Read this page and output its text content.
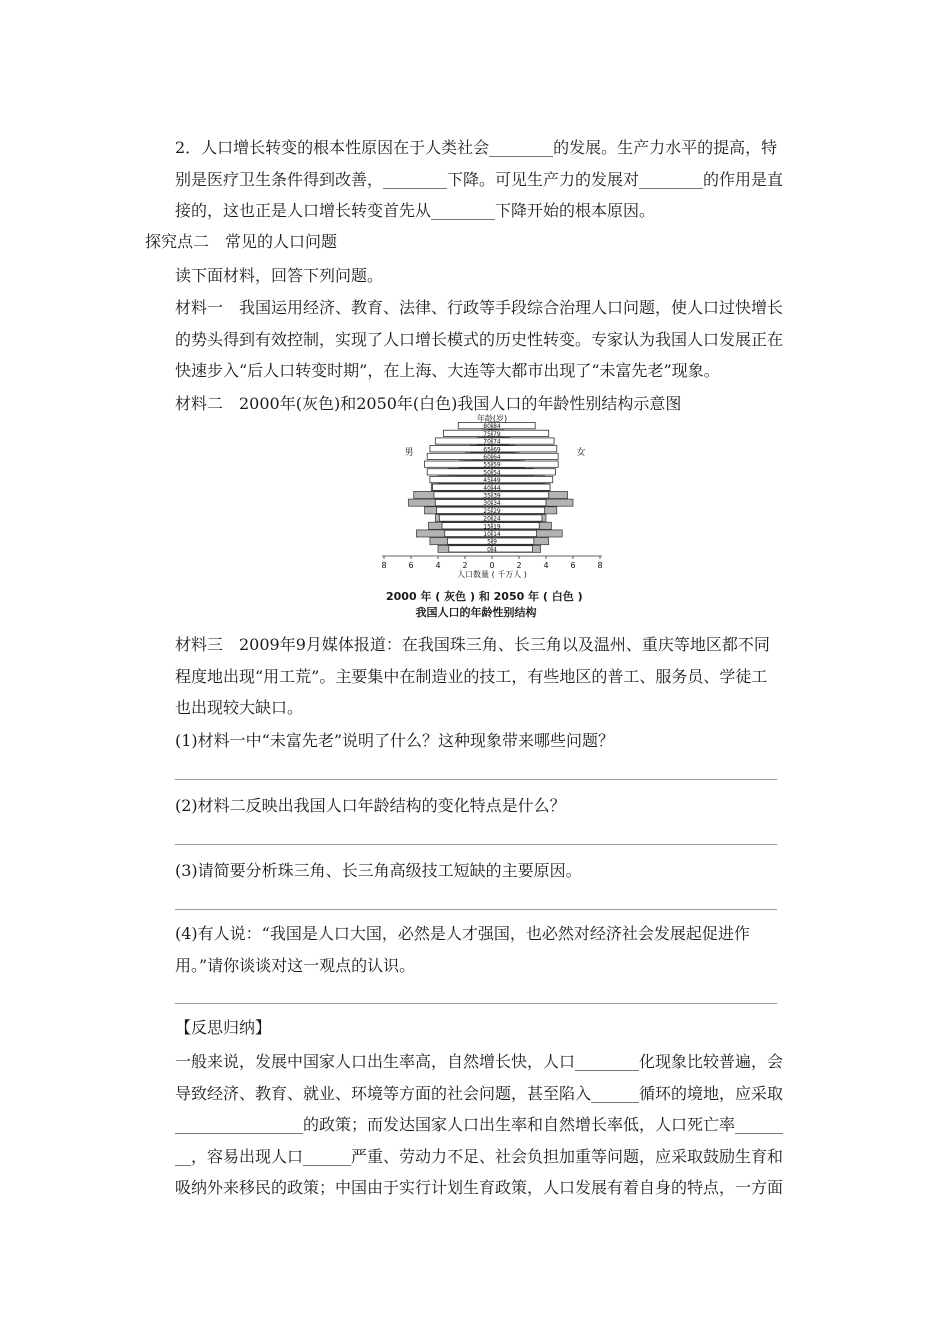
2．人口增长转变的根本性原因在于人类社会________的发展。生产力水平的提高，特
别是医疗卫生条件得到改善，________下降。可见生产力的发展对________的作用是直
接的，这也正是人口增长转变首先从________下降开始的根本原因。
探究点二　常见的人口问题
读下面材料，回答下列问题。
材料一　我国运用经济、教育、法律、行政等手段综合治理人口问题，使人口过快增长
的势头得到有效控制，实现了人口增长模式的历史性转变。专家认为我国人口发展正在
快速步入“后人口转变时期”，在上海、大连等大都市出现了“未富先老”现象。
材料二　2000年(灰色)和2050年(白色)我国人口的年龄性别结构示意图
0-4
5-9
10-14
15-19
20-24
25-29
30-34
35-39
40-44
45-49
50-54
55-59
60-64
65-69
70-74
75-79
80-84
8	6	4	2	0	2	4	6	8
年龄(岁)
男	女
人口数量 ( 千万人 )
2000 年 ( 灰色 ) 和 2050 年 ( 白色 )
我国人口的年龄性别结构
材料三　2009年9月媒体报道：在我国珠三角、长三角以及温州、重庆等地区都不同
程度地出现“用工荒”。主要集中在制造业的技工，有些地区的普工、服务员、学徒工
也出现较大缺口。
(1)材料一中“未富先老”说明了什么？这种现象带来哪些问题？
(2)材料二反映出我国人口年龄结构的变化特点是什么？
(3)请简要分析珠三角、长三角高级技工短缺的主要原因。
(4)有人说：“我国是人口大国，必然是人才强国，也必然对经济社会发展起促进作
用。”请你谈谈对这一观点的认识。
【反思归纳】
一般来说，发展中国家人口出生率高，自然增长快，人口________化现象比较普遍，会
导致经济、教育、就业、环境等方面的社会问题，甚至陷入______循环的境地，应采取
________________的政策；而发达国家人口出生率和自然增长率低，人口死亡率______
__，容易出现人口______严重、劳动力不足、社会负担加重等问题，应采取鼓励生育和
吸纳外来移民的政策；中国由于实行计划生育政策，人口发展有着自身的特点，一方面
